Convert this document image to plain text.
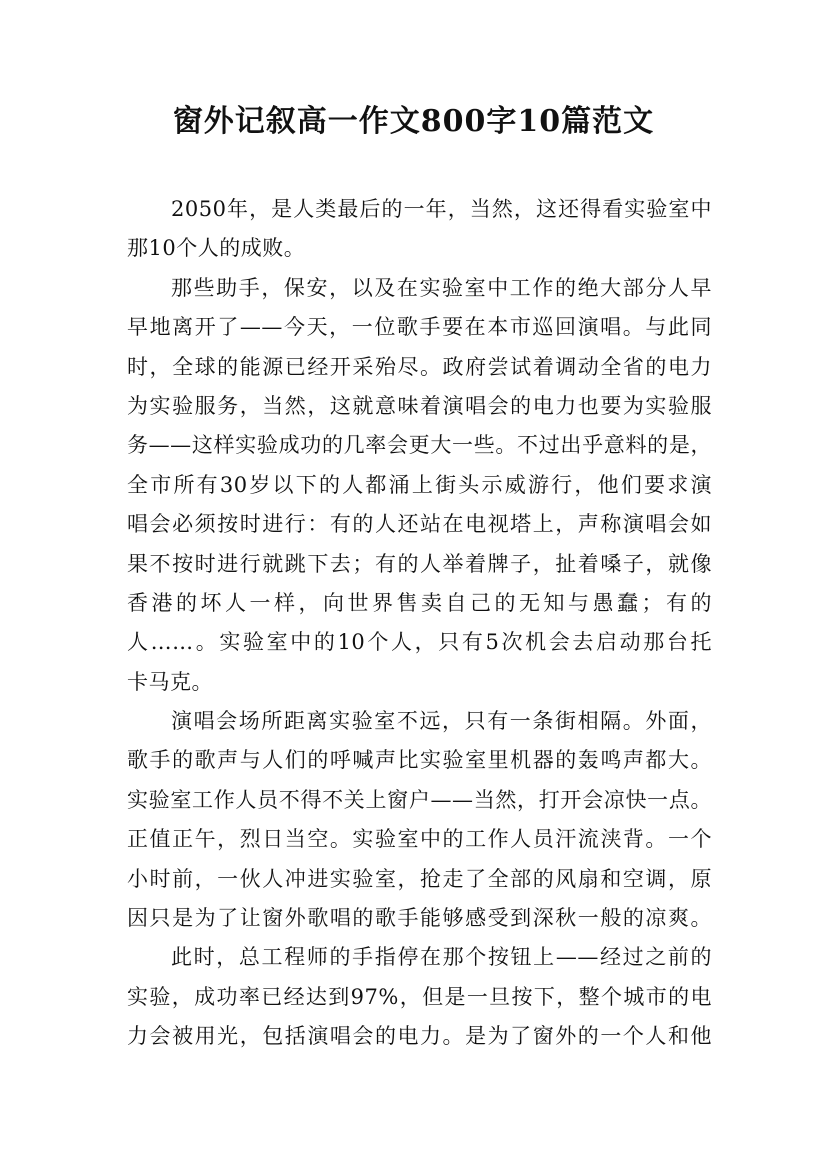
窗外记叙高一作文800字10篇范文
2050年，是人类最后的一年，当然，这还得看实验室中
那10个人的成败。
那些助手，保安，以及在实验室中工作的绝大部分人早
早地离开了——今天，一位歌手要在本市巡回演唱。与此同
时，全球的能源已经开采殆尽。政府尝试着调动全省的电力
为实验服务，当然，这就意味着演唱会的电力也要为实验服
务——这样实验成功的几率会更大一些。不过出乎意料的是，
全市所有30岁以下的人都涌上街头示威游行，他们要求演
唱会必须按时进行：有的人还站在电视塔上，声称演唱会如
果不按时进行就跳下去；有的人举着牌子，扯着嗓子，就像
香港的坏人一样，向世界售卖自己的无知与愚蠢；有的
人……。实验室中的10个人，只有5次机会去启动那台托
卡马克。
演唱会场所距离实验室不远，只有一条街相隔。外面，
歌手的歌声与人们的呼喊声比实验室里机器的轰鸣声都大。
实验室工作人员不得不关上窗户——当然，打开会凉快一点。
正值正午，烈日当空。实验室中的工作人员汗流浃背。一个
小时前，一伙人冲进实验室，抢走了全部的风扇和空调，原
因只是为了让窗外歌唱的歌手能够感受到深秋一般的凉爽。
此时，总工程师的手指停在那个按钮上——经过之前的
实验，成功率已经达到97%，但是一旦按下，整个城市的电
力会被用光，包括演唱会的电力。是为了窗外的一个人和他
